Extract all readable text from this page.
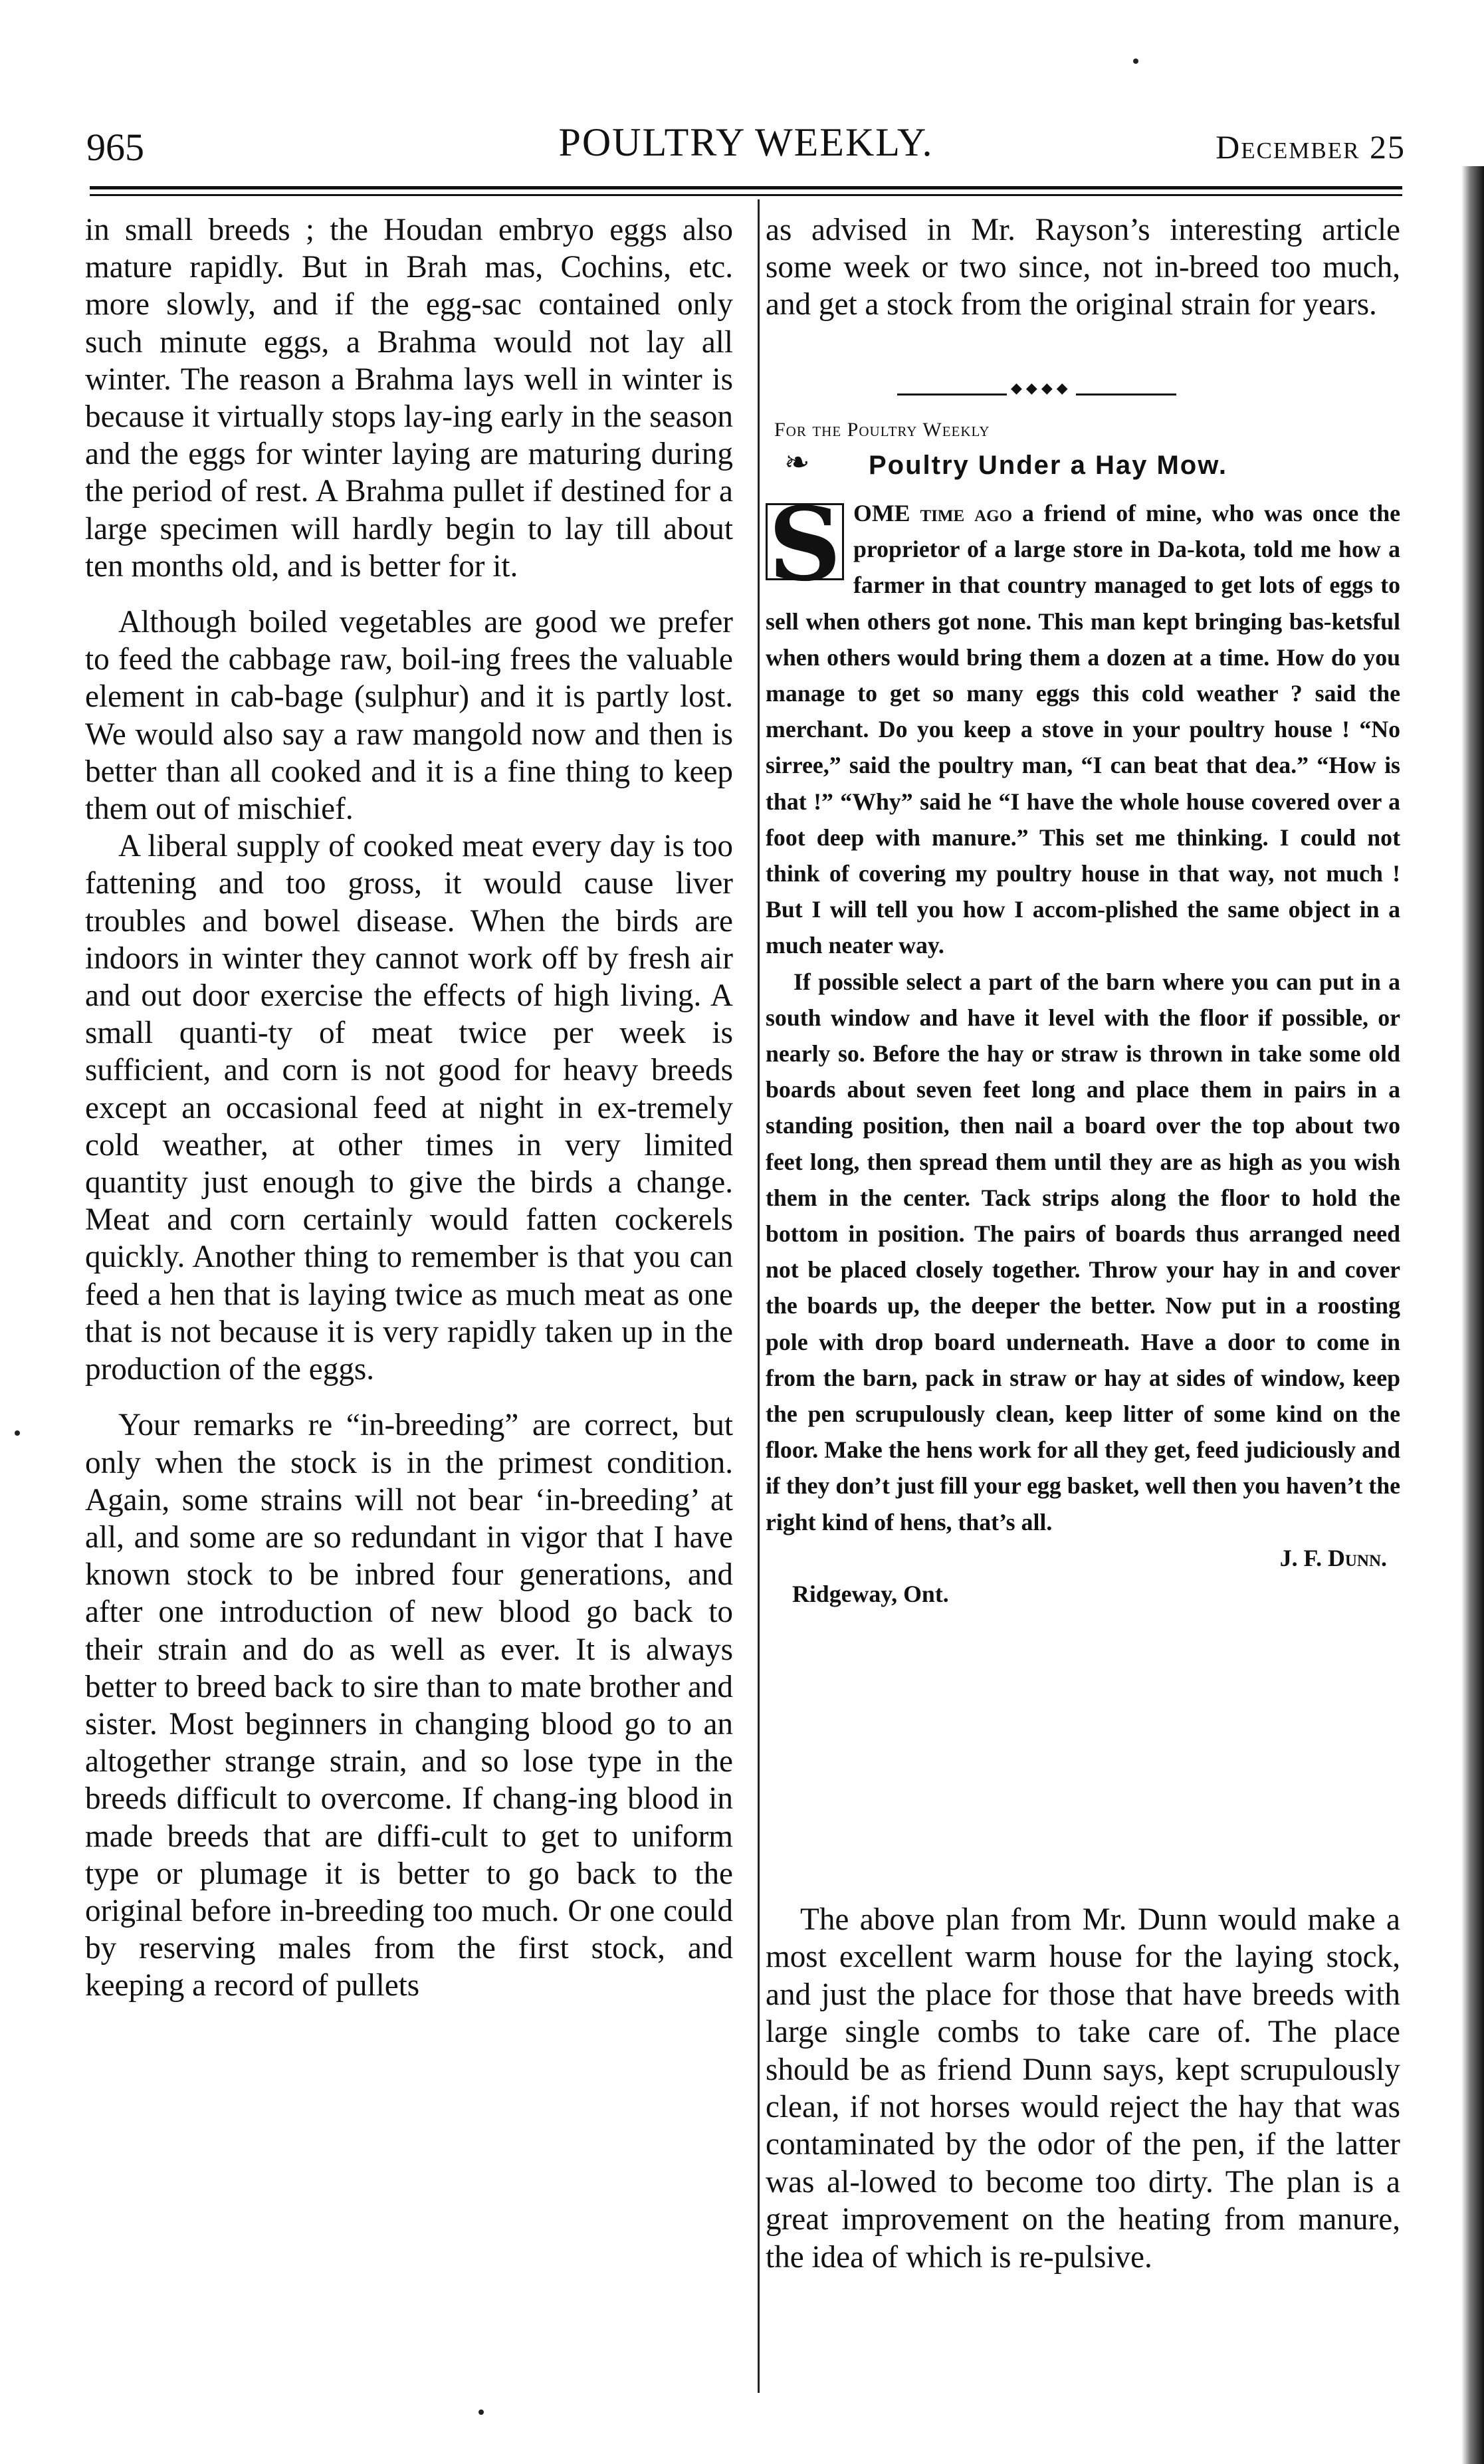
965	POULTRY WEEKLY.	December 25

in small breeds ; the Houdan embryo eggs also mature rapidly. But in Brah mas, Cochins, etc. more slowly, and if the egg-sac contained only such minute eggs, a Brahma would not lay all winter. The reason a Brahma lays well in winter is because it virtually stops lay-ing early in the season and the eggs for winter laying are maturing during the period of rest. A Brahma pullet if destined for a large specimen will hardly begin to lay till about ten months old, and is better for it.

Although boiled vegetables are good we prefer to feed the cabbage raw, boil-ing frees the valuable element in cab-bage (sulphur) and it is partly lost. We would also say a raw mangold now and then is better than all cooked and it is a fine thing to keep them out of mischief.

A liberal supply of cooked meat every day is too fattening and too gross, it would cause liver troubles and bowel disease. When the birds are indoors in winter they cannot work off by fresh air and out door exercise the effects of high living. A small quanti-ty of meat twice per week is sufficient, and corn is not good for heavy breeds except an occasional feed at night in ex-tremely cold weather, at other times in very limited quantity just enough to give the birds a change. Meat and corn certainly would fatten cockerels quickly. Another thing to remember is that you can feed a hen that is laying twice as much meat as one that is not because it is very rapidly taken up in the production of the eggs.

Your remarks re “in-breeding” are correct, but only when the stock is in the primest condition. Again, some strains will not bear ‘in-breeding’ at all, and some are so redundant in vigor that I have known stock to be inbred four generations, and after one introduction of new blood go back to their strain and do as well as ever. It is always better to breed back to sire than to mate brother and sister. Most beginners in changing blood go to an altogether strange strain, and so lose type in the breeds difficult to overcome. If chang-ing blood in made breeds that are diffi-cult to get to uniform type or plumage it is better to go back to the original before in-breeding too much. Or one could by reserving males from the first stock, and keeping a record of pullets

as advised in Mr. Rayson’s interesting article some week or two since, not in-breed too much, and get a stock from the original strain for years.

◆◆◆◆
For the Poultry Weekly
❧ Poultry Under a Hay Mow.

S OME time ago a friend of mine, who was once the proprietor of a large store in Da-kota, told me how a farmer in that country managed to get lots of eggs to sell when others got none. This man kept bringing bas-ketsful when others would bring them a dozen at a time. How do you manage to get so many eggs this cold weather ? said the merchant. Do you keep a stove in your poultry house ! “No sirree,” said the poultry man, “I can beat that dea.” “How is that !” “Why” said he “I have the whole house covered over a foot deep with manure.” This set me thinking. I could not think of covering my poultry house in that way, not much ! But I will tell you how I accom-plished the same object in a much neater way.

If possible select a part of the barn where you can put in a south window and have it level with the floor if possible, or nearly so. Before the hay or straw is thrown in take some old boards about seven feet long and place them in pairs in a standing position, then nail a board over the top about two feet long, then spread them until they are as high as you wish them in the center. Tack strips along the floor to hold the bottom in position. The pairs of boards thus arranged need not be placed closely together. Throw your hay in and cover the boards up, the deeper the better. Now put in a roosting pole with drop board underneath. Have a door to come in from the barn, pack in straw or hay at sides of window, keep the pen scrupulously clean, keep litter of some kind on the floor. Make the hens work for all they get, feed judiciously and if they don’t just fill your egg basket, well then you haven’t the right kind of hens, that’s all.

J. F. Dunn.

Ridgeway, Ont.

The above plan from Mr. Dunn would make a most excellent warm house for the laying stock, and just the place for those that have breeds with large single combs to take care of. The place should be as friend Dunn says, kept scrupulously clean, if not horses would reject the hay that was contaminated by the odor of the pen, if the latter was al-lowed to become too dirty. The plan is a great improvement on the heating from manure, the idea of which is re-pulsive.
